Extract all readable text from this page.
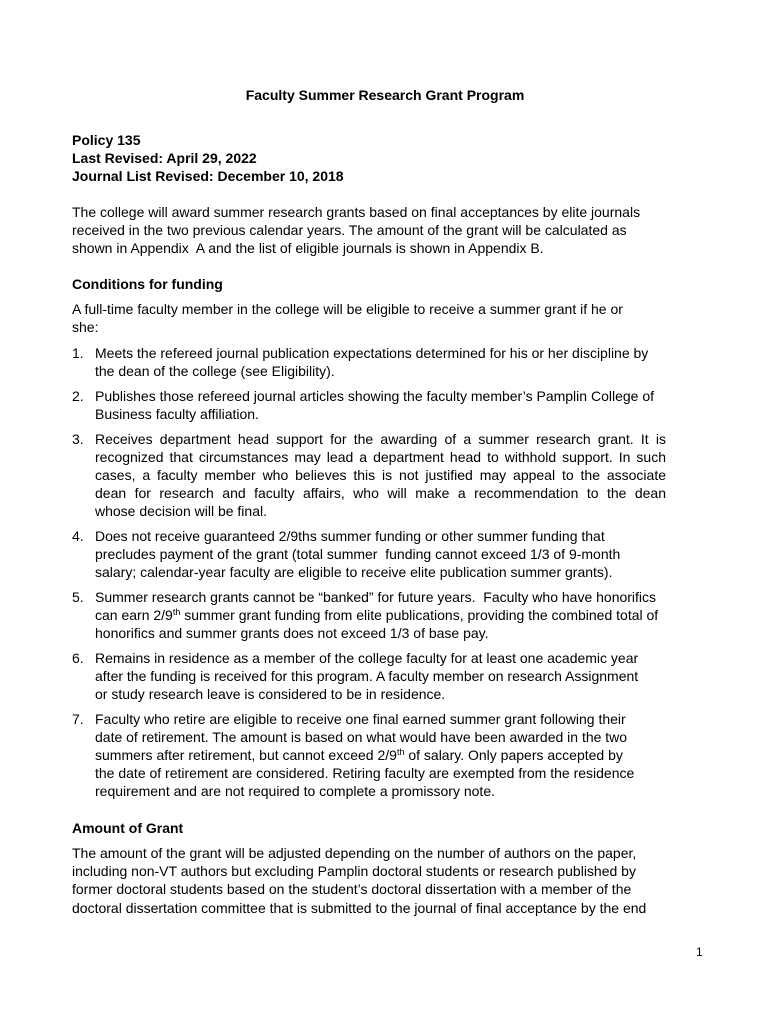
Faculty Summer Research Grant Program
Policy 135
Last Revised: April 29, 2022
Journal List Revised: December 10, 2018
The college will award summer research grants based on final acceptances by elite journals
received in the two previous calendar years. The amount of the grant will be calculated as
shown in Appendix  A and the list of eligible journals is shown in Appendix B.
Conditions for funding
A full-time faculty member in the college will be eligible to receive a summer grant if he or
she:
1. Meets the refereed journal publication expectations determined for his or her discipline by
the dean of the college (see Eligibility).
2. Publishes those refereed journal articles showing the faculty member’s Pamplin College of
Business faculty affiliation.
3. Receives department head support for the awarding of a summer research grant. It is
recognized that circumstances may lead a department head to withhold support. In such
cases, a faculty member who believes this is not justified may appeal to the associate
dean for research and faculty affairs, who will make a recommendation to the dean
whose decision will be final.
4. Does not receive guaranteed 2/9ths summer funding or other summer funding that
precludes payment of the grant (total summer  funding cannot exceed 1/3 of 9-month
salary; calendar-year faculty are eligible to receive elite publication summer grants).
5. Summer research grants cannot be “banked” for future years.  Faculty who have honorifics
can earn 2/9th summer grant funding from elite publications, providing the combined total of
honorifics and summer grants does not exceed 1/3 of base pay.
6. Remains in residence as a member of the college faculty for at least one academic year
after the funding is received for this program. A faculty member on research Assignment
or study research leave is considered to be in residence.
7. Faculty who retire are eligible to receive one final earned summer grant following their
date of retirement. The amount is based on what would have been awarded in the two
summers after retirement, but cannot exceed 2/9th of salary. Only papers accepted by
the date of retirement are considered. Retiring faculty are exempted from the residence
requirement and are not required to complete a promissory note.
Amount of Grant
The amount of the grant will be adjusted depending on the number of authors on the paper,
including non-VT authors but excluding Pamplin doctoral students or research published by
former doctoral students based on the student’s doctoral dissertation with a member of the
doctoral dissertation committee that is submitted to the journal of final acceptance by the end
1
